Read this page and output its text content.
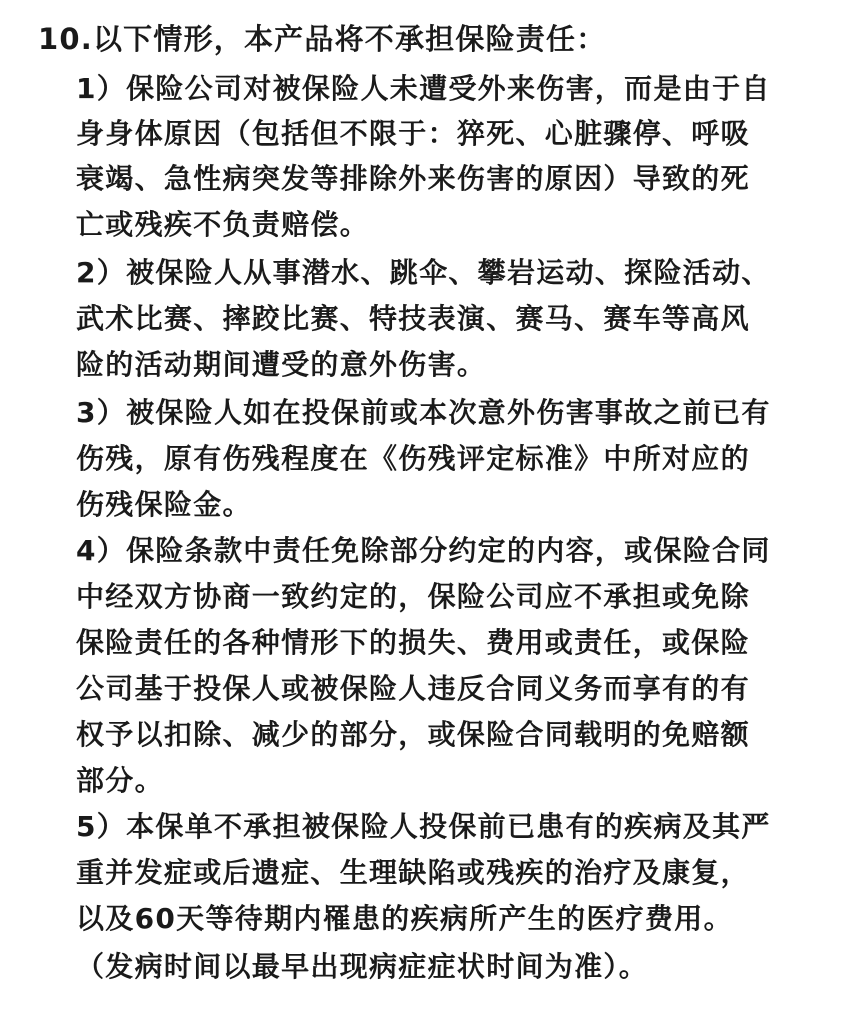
10.以下情形，本产品将不承担保险责任：
1）保险公司对被保险人未遭受外来伤害，而是由于自
身身体原因（包括但不限于：猝死、心脏骤停、呼吸
衰竭、急性病突发等排除外来伤害的原因）导致的死
亡或残疾不负责赔偿。
2）被保险人从事潜水、跳伞、攀岩运动、探险活动、
武术比赛、摔跤比赛、特技表演、赛马、赛车等高风
险的活动期间遭受的意外伤害。
3）被保险人如在投保前或本次意外伤害事故之前已有
伤残，原有伤残程度在《伤残评定标准》中所对应的
伤残保险金。
4）保险条款中责任免除部分约定的内容，或保险合同
中经双方协商一致约定的，保险公司应不承担或免除
保险责任的各种情形下的损失、费用或责任，或保险
公司基于投保人或被保险人违反合同义务而享有的有
权予以扣除、减少的部分，或保险合同载明的免赔额
部分。
5）本保单不承担被保险人投保前已患有的疾病及其严
重并发症或后遗症、生理缺陷或残疾的治疗及康复，
以及60天等待期内罹患的疾病所产生的医疗费用。
（发病时间以最早出现病症症状时间为准）。
